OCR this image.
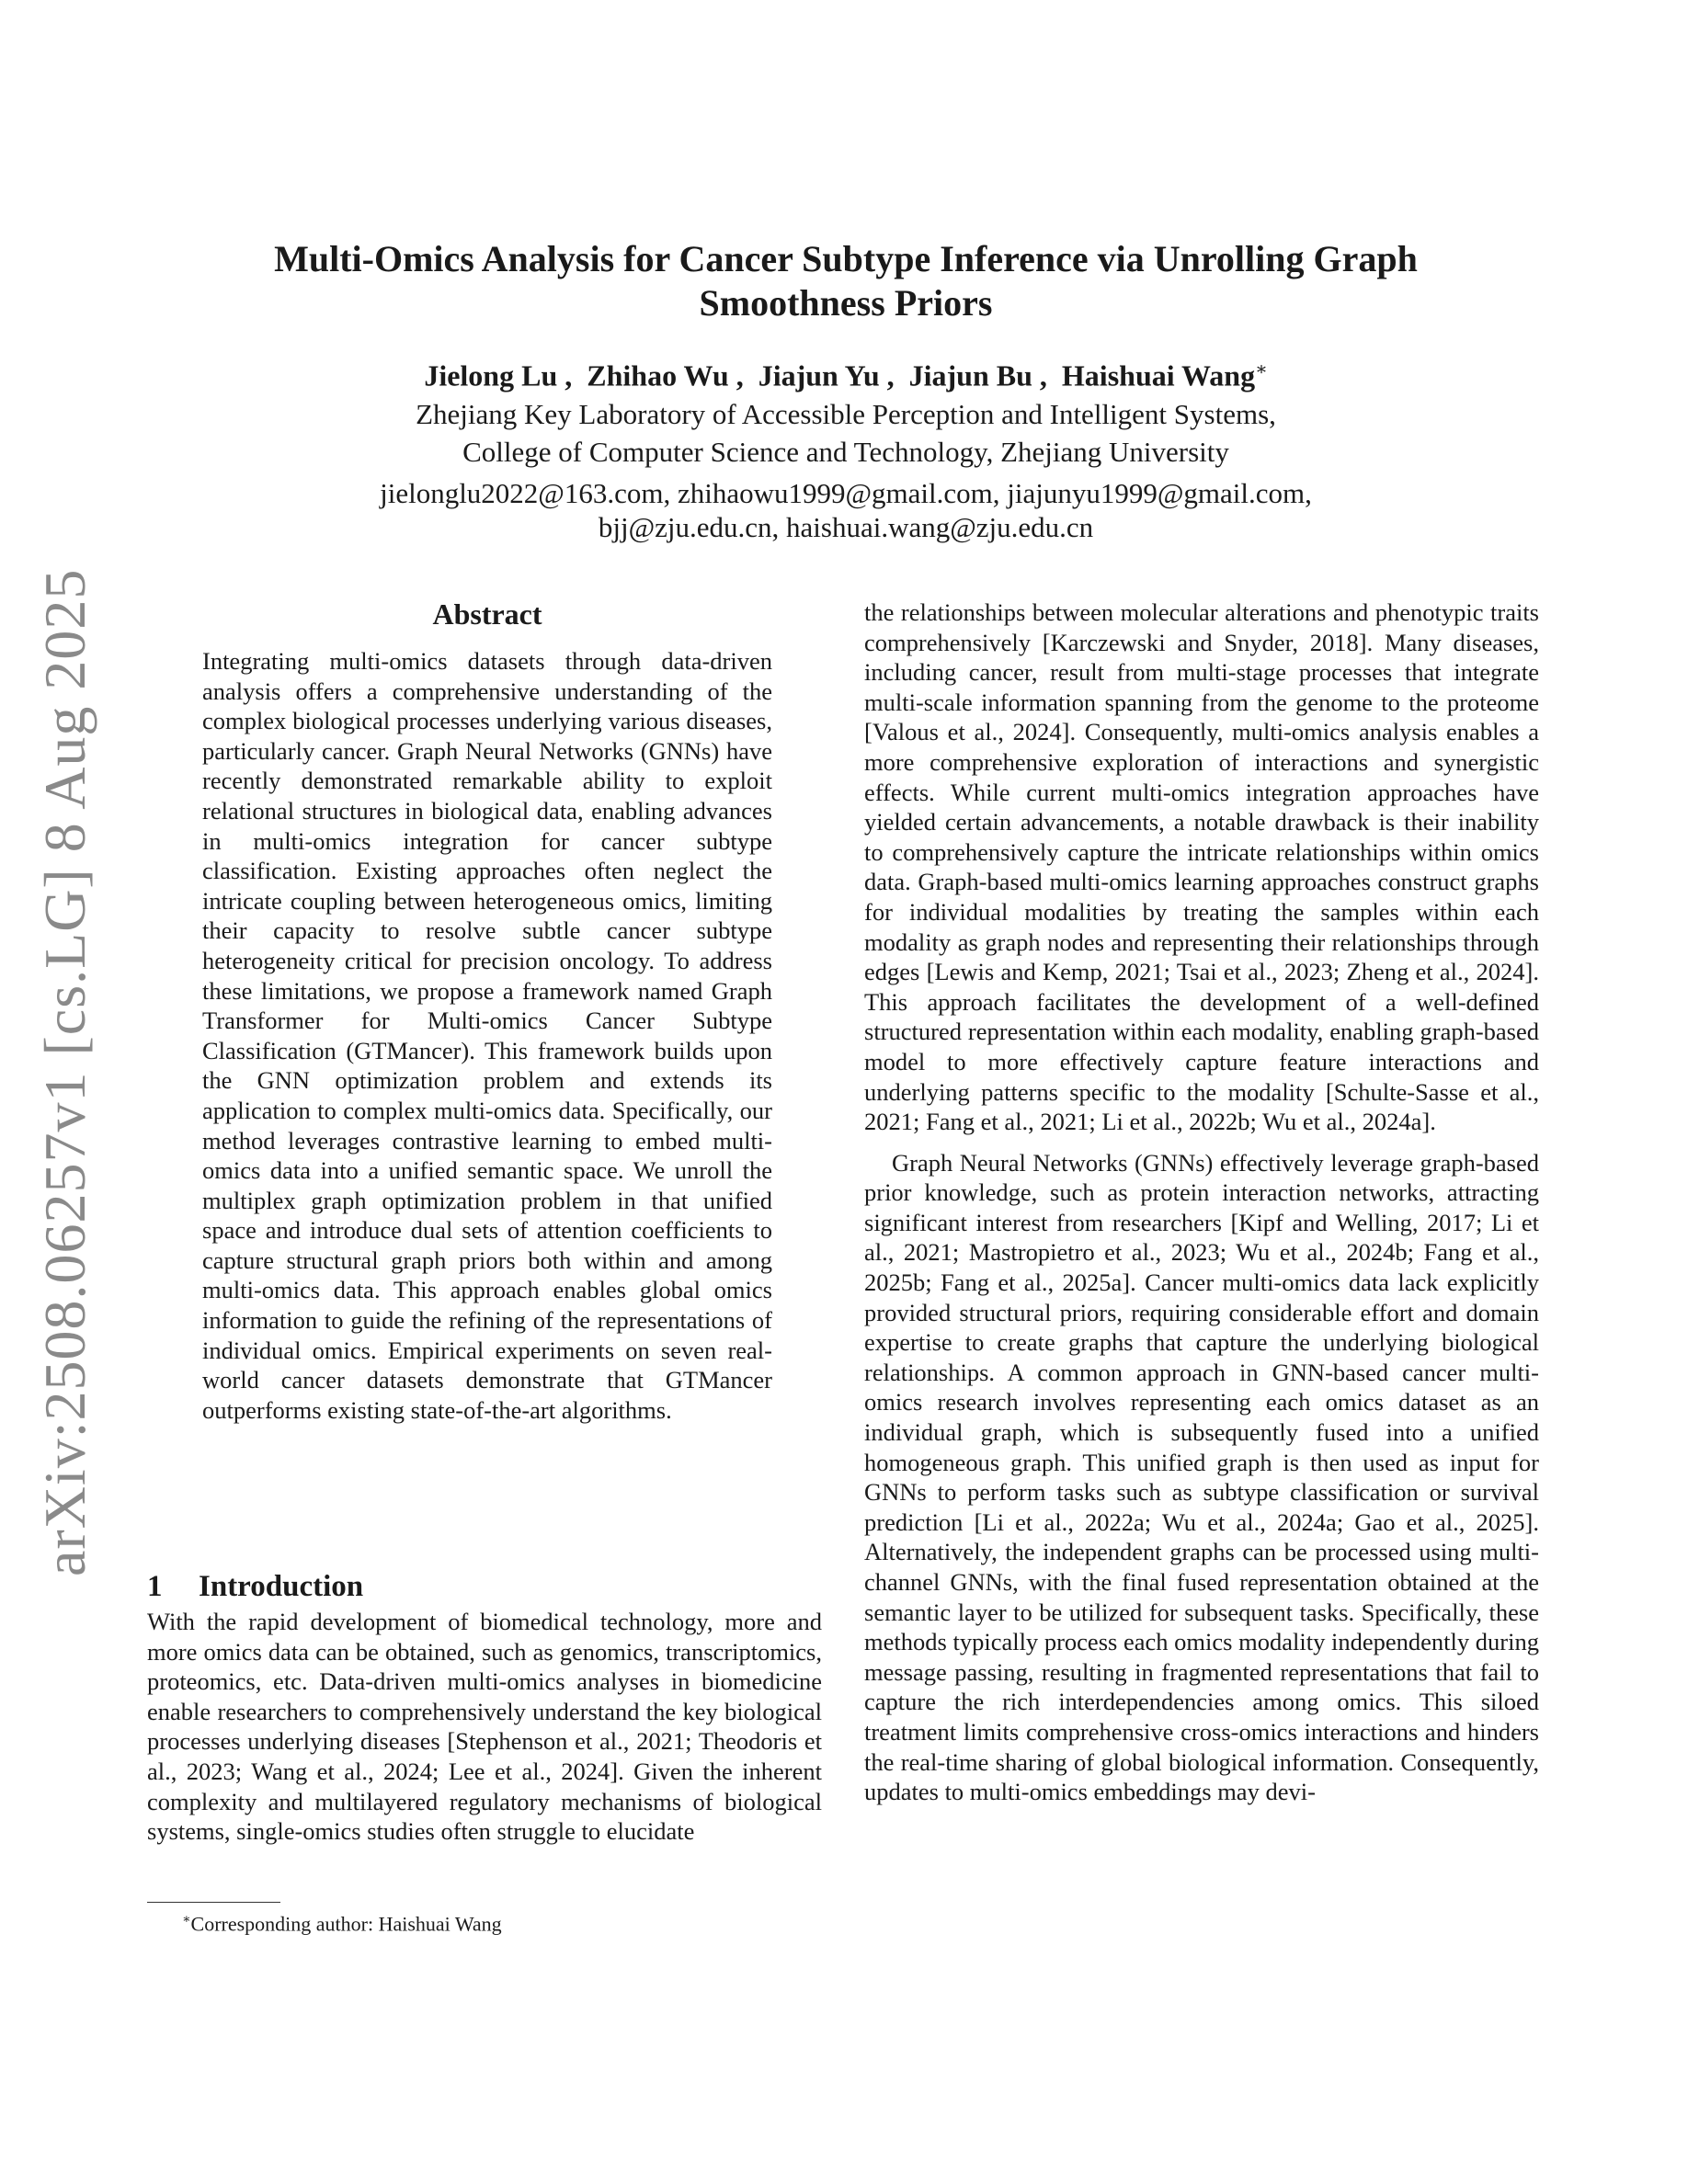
arXiv:2508.06257v1 [cs.LG] 8 Aug 2025
Multi-Omics Analysis for Cancer Subtype Inference via Unrolling Graph Smoothness Priors
Jielong Lu ,  Zhihao Wu ,  Jiajun Yu ,  Jiajun Bu ,  Haishuai Wang∗
Zhejiang Key Laboratory of Accessible Perception and Intelligent Systems,
College of Computer Science and Technology, Zhejiang University
jielonglu2022@163.com, zhihaowu1999@gmail.com, jiajunyu1999@gmail.com,
bjj@zju.edu.cn, haishuai.wang@zju.edu.cn
Abstract
Integrating multi-omics datasets through data-driven analysis offers a comprehensive understanding of the complex biological processes underlying various diseases, particularly cancer. Graph Neural Networks (GNNs) have recently demonstrated remarkable ability to exploit relational structures in biological data, enabling advances in multi-omics integration for cancer subtype classification. Existing approaches often neglect the intricate coupling between heterogeneous omics, limiting their capacity to resolve subtle cancer subtype heterogeneity critical for precision oncology. To address these limitations, we propose a framework named Graph Transformer for Multi-omics Cancer Subtype Classification (GTMancer). This framework builds upon the GNN optimization problem and extends its application to complex multi-omics data. Specifically, our method leverages contrastive learning to embed multi-omics data into a unified semantic space. We unroll the multiplex graph optimization problem in that unified space and introduce dual sets of attention coefficients to capture structural graph priors both within and among multi-omics data. This approach enables global omics information to guide the refining of the representations of individual omics. Empirical experiments on seven real-world cancer datasets demonstrate that GTMancer outperforms existing state-of-the-art algorithms.
1 Introduction
With the rapid development of biomedical technology, more and more omics data can be obtained, such as genomics, transcriptomics, proteomics, etc. Data-driven multi-omics analyses in biomedicine enable researchers to comprehensively understand the key biological processes underlying diseases [Stephenson et al., 2021; Theodoris et al., 2023; Wang et al., 2024; Lee et al., 2024]. Given the inherent complexity and multilayered regulatory mechanisms of biological systems, single-omics studies often struggle to elucidate

the relationships between molecular alterations and phenotypic traits comprehensively [Karczewski and Snyder, 2018]. Many diseases, including cancer, result from multi-stage processes that integrate multi-scale information spanning from the genome to the proteome [Valous et al., 2024]. Consequently, multi-omics analysis enables a more comprehensive exploration of interactions and synergistic effects. While current multi-omics integration approaches have yielded certain advancements, a notable drawback is their inability to comprehensively capture the intricate relationships within omics data. Graph-based multi-omics learning approaches construct graphs for individual modalities by treating the samples within each modality as graph nodes and representing their relationships through edges [Lewis and Kemp, 2021; Tsai et al., 2023; Zheng et al., 2024]. This approach facilitates the development of a well-defined structured representation within each modality, enabling graph-based model to more effectively capture feature interactions and underlying patterns specific to the modality [Schulte-Sasse et al., 2021; Fang et al., 2021; Li et al., 2022b; Wu et al., 2024a].

Graph Neural Networks (GNNs) effectively leverage graph-based prior knowledge, such as protein interaction networks, attracting significant interest from researchers [Kipf and Welling, 2017; Li et al., 2021; Mastropietro et al., 2023; Wu et al., 2024b; Fang et al., 2025b; Fang et al., 2025a]. Cancer multi-omics data lack explicitly provided structural priors, requiring considerable effort and domain expertise to create graphs that capture the underlying biological relationships. A common approach in GNN-based cancer multi-omics research involves representing each omics dataset as an individual graph, which is subsequently fused into a unified homogeneous graph. This unified graph is then used as input for GNNs to perform tasks such as subtype classification or survival prediction [Li et al., 2022a; Wu et al., 2024a; Gao et al., 2025]. Alternatively, the independent graphs can be processed using multi-channel GNNs, with the final fused representation obtained at the semantic layer to be utilized for subsequent tasks. Specifically, these methods typically process each omics modality independently during message passing, resulting in fragmented representations that fail to capture the rich interdependencies among omics. This siloed treatment limits comprehensive cross-omics interactions and hinders the real-time sharing of global biological information. Consequently, updates to multi-omics embeddings may devi-

∗Corresponding author: Haishuai Wang
